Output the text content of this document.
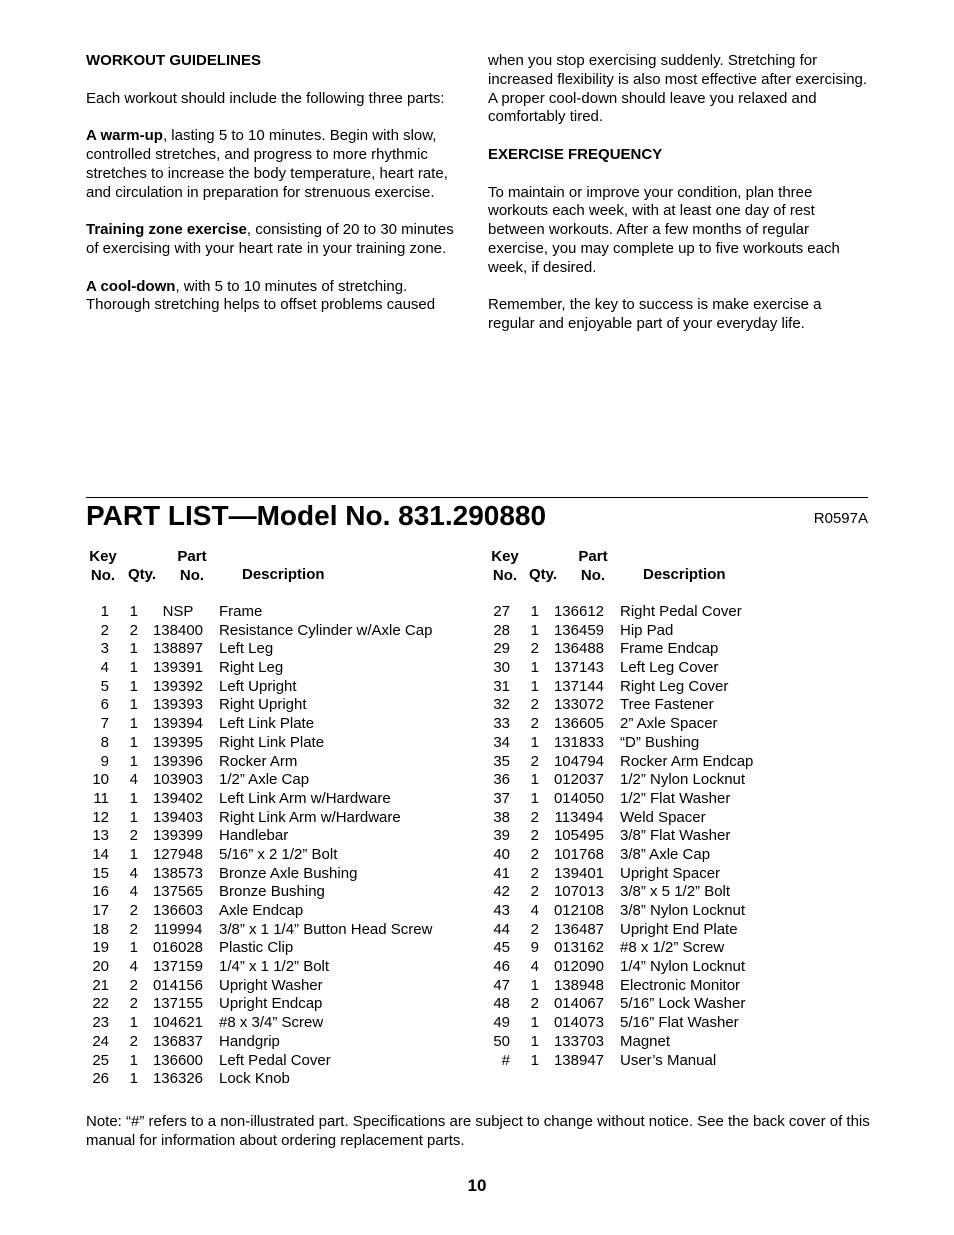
WORKOUT GUIDELINES

Each workout should include the following three parts:

A warm-up, lasting 5 to 10 minutes. Begin with slow, controlled stretches, and progress to more rhythmic stretches to increase the body temperature, heart rate, and circulation in preparation for strenuous exercise.

Training zone exercise, consisting of 20 to 30 minutes of exercising with your heart rate in your training zone.

A cool-down, with 5 to 10 minutes of stretching. Thorough stretching helps to offset problems caused

when you stop exercising suddenly. Stretching for increased flexibility is also most effective after exercising. A proper cool-down should leave you relaxed and comfortably tired.

EXERCISE FREQUENCY

To maintain or improve your condition, plan three workouts each week, with at least one day of rest between workouts. After a few months of regular exercise, you may complete up to five workouts each week, if desired.

Remember, the key to success is make exercise a regular and enjoyable part of your everyday life.

PART LIST—Model No. 831.290880	R0597A
Key
No. Qty.
Part
No.	Description
Key
No. Qty.
Part
No.	Description
1	1	NSP	Frame
2	2	138400	Resistance Cylinder w/Axle Cap
3	1	138897	Left Leg
4	1	139391	Right Leg
5	1	139392	Left Upright
6	1	139393	Right Upright
7	1	139394	Left Link Plate
8	1	139395	Right Link Plate
9	1	139396	Rocker Arm
10	4	103903	1/2” Axle Cap
11	1	139402	Left Link Arm w/Hardware
12	1	139403	Right Link Arm w/Hardware
13	2	139399	Handlebar
14	1	127948	5/16” x 2 1/2” Bolt
15	4	138573	Bronze Axle Bushing
16	4	137565	Bronze Bushing
17	2	136603	Axle Endcap
18	2	119994	3/8” x 1 1/4” Button Head Screw
19	1	016028	Plastic Clip
20	4	137159	1/4” x 1 1/2” Bolt
21	2	014156	Upright Washer
22	2	137155	Upright Endcap
23	1	104621	#8 x 3/4” Screw
24	2	136837	Handgrip
25	1	136600	Left Pedal Cover
26	1	136326	Lock Knob
27	1	136612	Right Pedal Cover
28	1	136459	Hip Pad
29	2	136488	Frame Endcap
30	1	137143	Left Leg Cover
31	1	137144	Right Leg Cover
32	2	133072	Tree Fastener
33	2	136605	2” Axle Spacer
34	1	131833	“D” Bushing
35	2	104794	Rocker Arm Endcap
36	1	012037	1/2” Nylon Locknut
37	1	014050	1/2” Flat Washer
38	2	113494	Weld Spacer
39	2	105495	3/8” Flat Washer
40	2	101768	3/8” Axle Cap
41	2	139401	Upright Spacer
42	2	107013	3/8” x 5 1/2” Bolt
43	4	012108	3/8” Nylon Locknut
44	2	136487	Upright End Plate
45	9	013162	#8 x 1/2” Screw
46	4	012090	1/4” Nylon Locknut
47	1	138948	Electronic Monitor
48	2	014067	5/16” Lock Washer
49	1	014073	5/16” Flat Washer
50	1	133703	Magnet
#	1	138947	User’s Manual
Note: “#” refers to a non-illustrated part. Specifications are subject to change without notice. See the back cover of this manual for information about ordering replacement parts.
10
